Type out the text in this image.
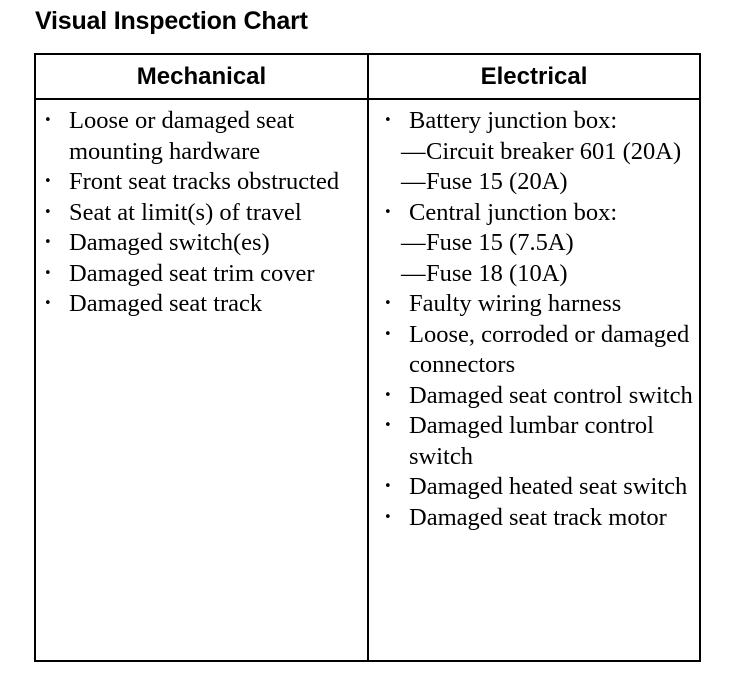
Visual Inspection Chart
Mechanical	Electrical
• Loose or damaged seat mounting hardware
• Front seat tracks obstructed
• Seat at limit(s) of travel
• Damaged switch(es)
• Damaged seat trim cover
• Damaged seat track
• Battery junction box:
— Circuit breaker 601 (20A)
— Fuse 15 (20A)
• Central junction box:
— Fuse 15 (7.5A)
— Fuse 18 (10A)
• Faulty wiring harness
• Loose, corroded or damaged connectors
• Damaged seat control switch
• Damaged lumbar control switch
• Damaged heated seat switch
• Damaged seat track motor
